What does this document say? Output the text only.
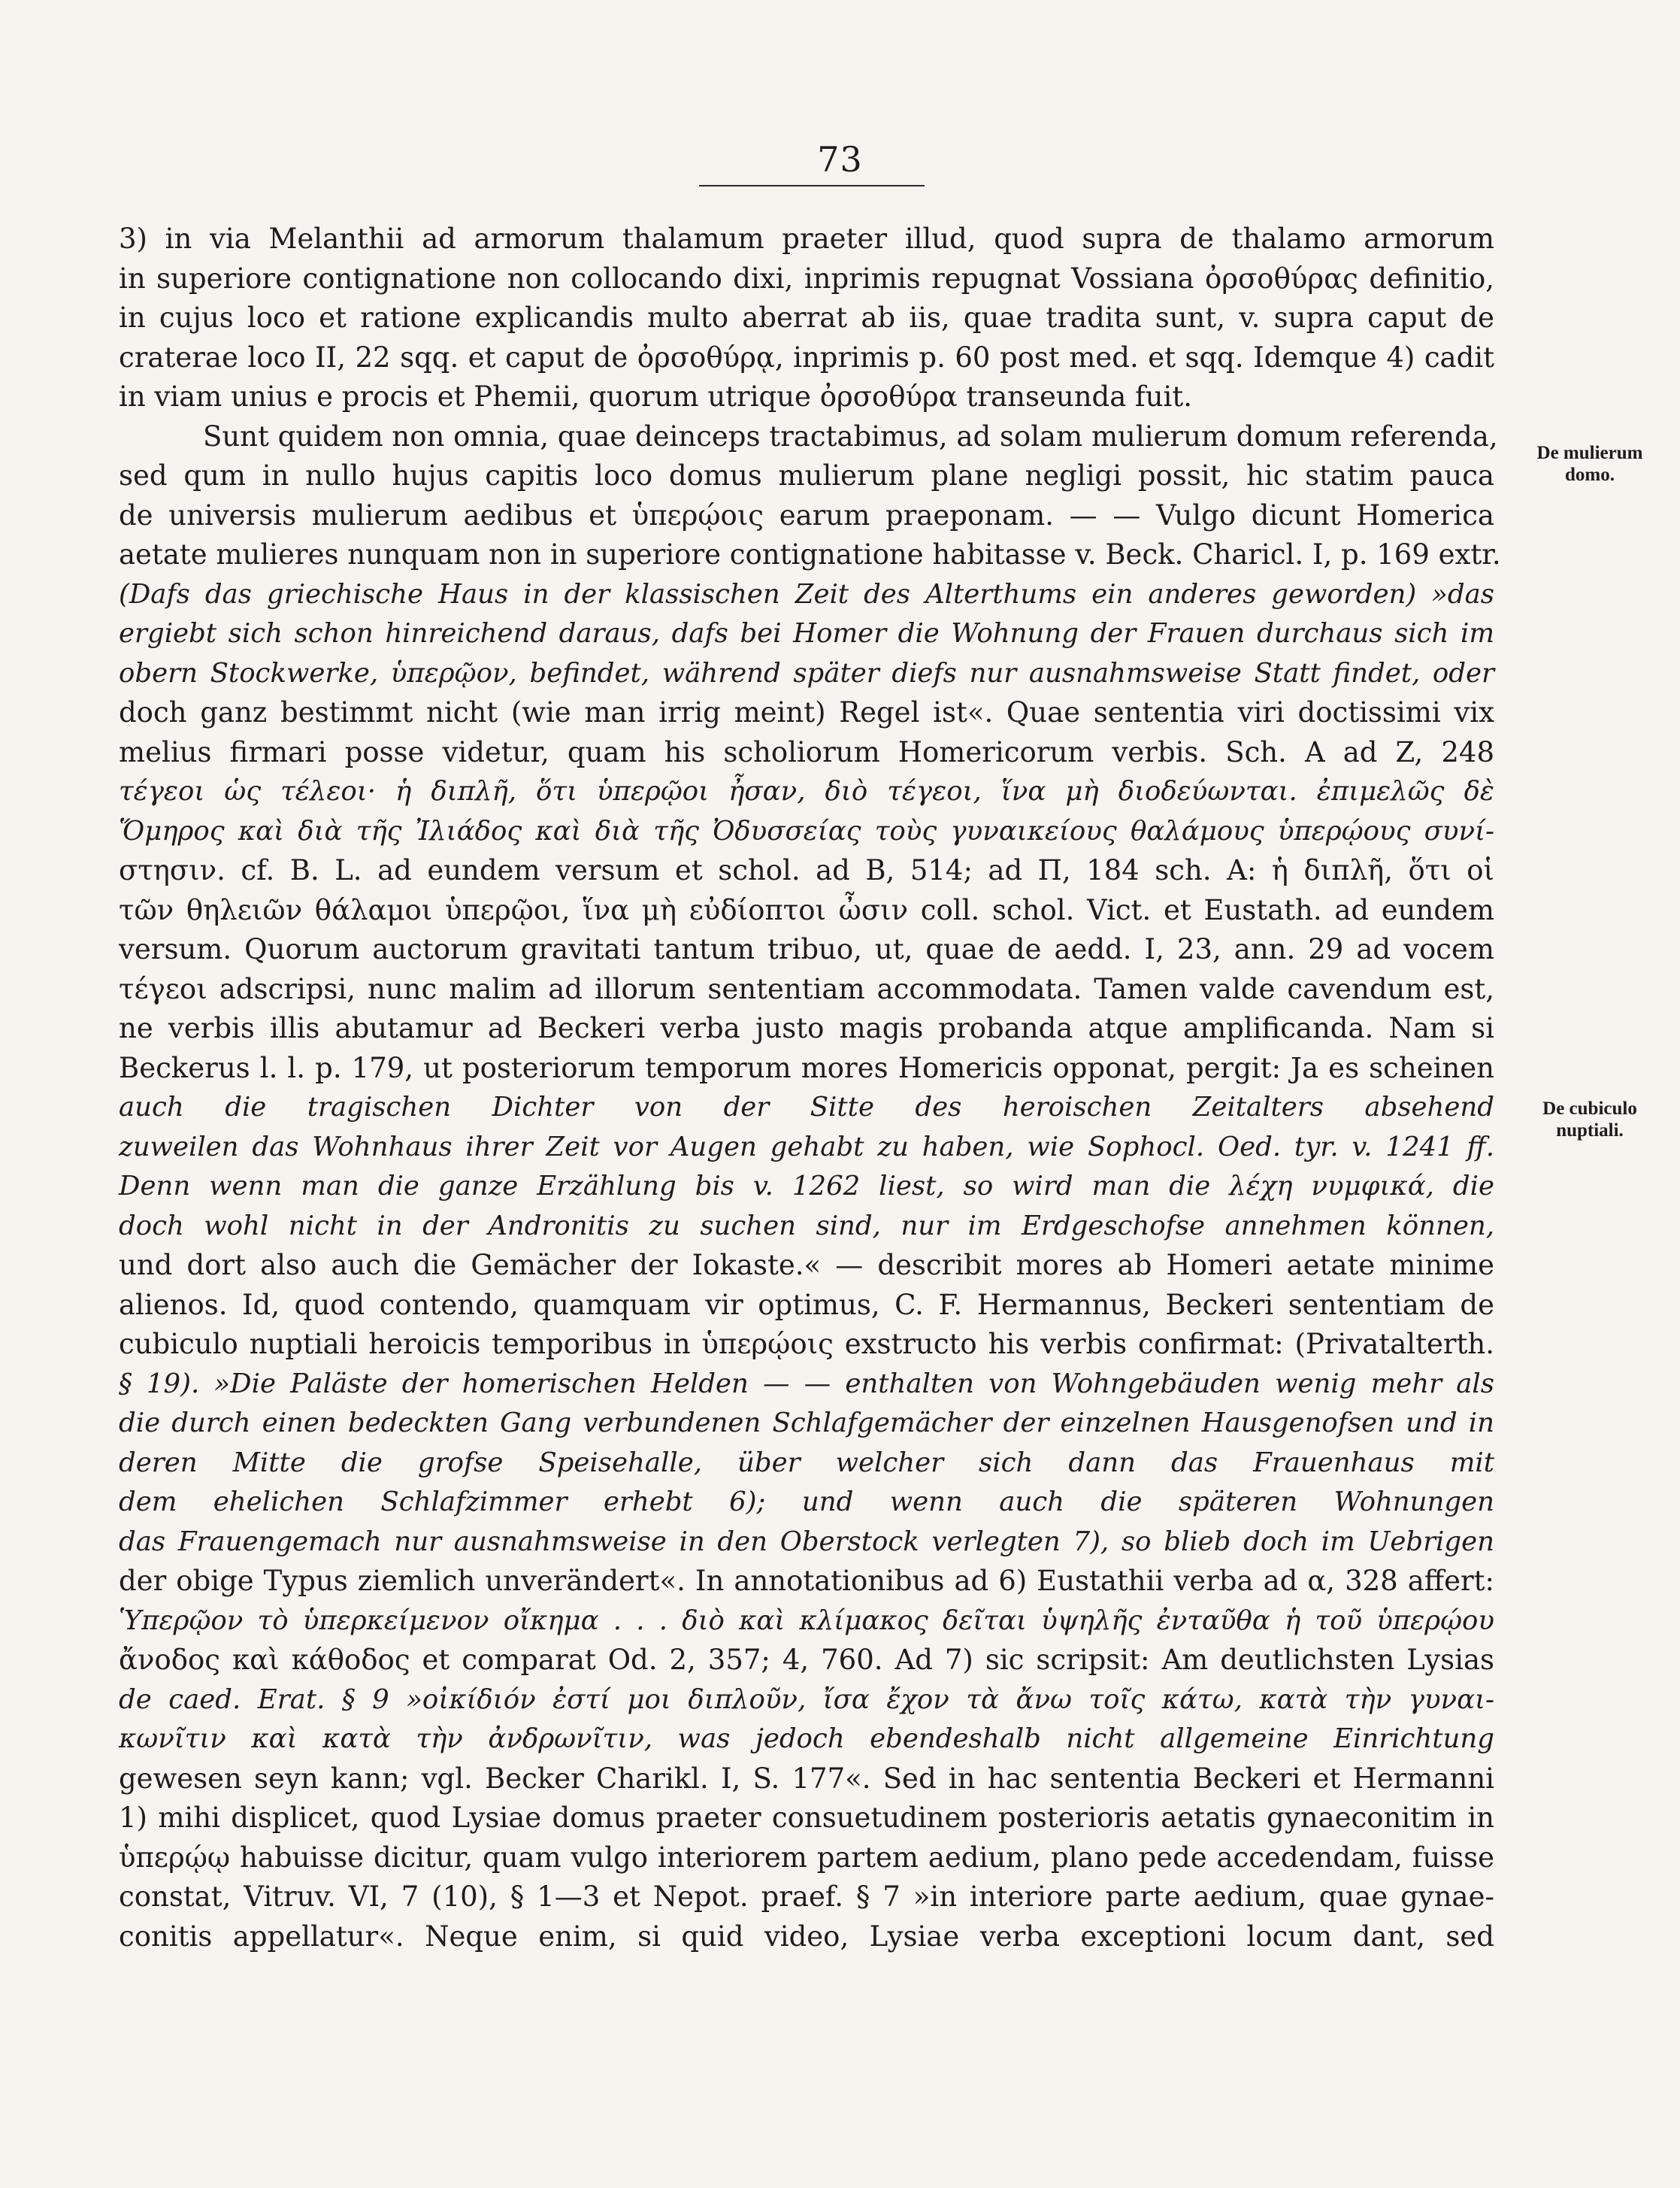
73
De mulierum
domo.
De cubiculo
nuptiali.
3) in via Melanthii ad armorum thalamum praeter illud, quod supra de thalamo armorum
in superiore contignatione non collocando dixi, inprimis repugnat Vossiana ὀρσοθύρας definitio,
in cujus loco et ratione explicandis multo aberrat ab iis, quae tradita sunt, v. supra caput de
craterae loco II, 22 sqq. et caput de ὀρσοθύρᾳ, inprimis p. 60 post med. et sqq. Idemque 4) cadit
in viam unius e procis et Phemii, quorum utrique ὀρσοθύρα transeunda fuit.
Sunt quidem non omnia, quae deinceps tractabimus, ad solam mulierum domum referenda,
sed qum in nullo hujus capitis loco domus mulierum plane negligi possit, hic statim pauca
de universis mulierum aedibus et ὑπερῴοις earum praeponam. — — Vulgo dicunt Homerica
aetate mulieres nunquam non in superiore contignatione habitasse v. Beck. Charicl. I, p. 169 extr.
(Dafs das griechische Haus in der klassischen Zeit des Alterthums ein anderes geworden) »das
ergiebt sich schon hinreichend daraus, dafs bei Homer die Wohnung der Frauen durchaus sich im
obern Stockwerke, ὑπερῷον, befindet, während später diefs nur ausnahmsweise Statt findet, oder
doch ganz bestimmt nicht (wie man irrig meint) Regel ist«. Quae sententia viri doctissimi vix
melius firmari posse videtur, quam his scholiorum Homericorum verbis. Sch. A ad Z, 248
τέγεοι ὡς τέλεοι· ἡ διπλῆ, ὅτι ὑπερῷοι ἦσαν, διὸ τέγεοι, ἵνα μὴ διοδεύωνται. ἐπιμελῶς δὲ
Ὅμηρος καὶ διὰ τῆς Ἰλιάδος καὶ διὰ τῆς Ὀδυσσείας τοὺς γυναικείους θαλάμους ὑπερῴους συνί-
στησιν. cf. B. L. ad eundem versum et schol. ad B, 514; ad Π, 184 sch. A: ἡ διπλῆ, ὅτι οἱ
τῶν θηλειῶν θάλαμοι ὑπερῷοι, ἵνα μὴ εὐδίοπτοι ὦσιν coll. schol. Vict. et Eustath. ad eundem
versum. Quorum auctorum gravitati tantum tribuo, ut, quae de aedd. I, 23, ann. 29 ad vocem
τέγεοι adscripsi, nunc malim ad illorum sententiam accommodata. Tamen valde cavendum est,
ne verbis illis abutamur ad Beckeri verba justo magis probanda atque amplificanda. Nam si
Beckerus l. l. p. 179, ut posteriorum temporum mores Homericis opponat, pergit: Ja es scheinen
auch die tragischen Dichter von der Sitte des heroischen Zeitalters absehend
zuweilen das Wohnhaus ihrer Zeit vor Augen gehabt zu haben, wie Sophocl. Oed. tyr. v. 1241 ff.
Denn wenn man die ganze Erzählung bis v. 1262 liest, so wird man die λέχη νυμφικά, die
doch wohl nicht in der Andronitis zu suchen sind, nur im Erdgeschofse annehmen können,
und dort also auch die Gemächer der Iokaste.« — describit mores ab Homeri aetate minime
alienos. Id, quod contendo, quamquam vir optimus, C. F. Hermannus, Beckeri sententiam de
cubiculo nuptiali heroicis temporibus in ὑπερῴοις exstructo his verbis confirmat: (Privatalterth.
§ 19). »Die Paläste der homerischen Helden — — enthalten von Wohngebäuden wenig mehr als
die durch einen bedeckten Gang verbundenen Schlafgemächer der einzelnen Hausgenofsen und in
deren Mitte die grofse Speisehalle, über welcher sich dann das Frauenhaus mit
dem ehelichen Schlafzimmer erhebt 6); und wenn auch die späteren Wohnungen
das Frauengemach nur ausnahmsweise in den Oberstock verlegten 7), so blieb doch im Uebrigen
der obige Typus ziemlich unverändert«. In annotationibus ad 6) Eustathii verba ad α, 328 affert:
Ὑπερῷον τὸ ὑπερκείμενον οἴκημα . . . διὸ καὶ κλίμακος δεῖται ὑψηλῆς ἐνταῦθα ἡ τοῦ ὑπερῴου
ἄνοδος καὶ κάθοδος et comparat Od. 2, 357; 4, 760. Ad 7) sic scripsit: Am deutlichsten Lysias
de caed. Erat. § 9 »οἰκίδιόν ἐστί μοι διπλοῦν, ἴσα ἔχον τὰ ἄνω τοῖς κάτω, κατὰ τὴν γυναι-
κωνῖτιν καὶ κατὰ τὴν ἀνδρωνῖτιν, was jedoch ebendeshalb nicht allgemeine Einrichtung
gewesen seyn kann; vgl. Becker Charikl. I, S. 177«. Sed in hac sententia Beckeri et Hermanni
1) mihi displicet, quod Lysiae domus praeter consuetudinem posterioris aetatis gynaeconitim in
ὑπερῴῳ habuisse dicitur, quam vulgo interiorem partem aedium, plano pede accedendam, fuisse
constat, Vitruv. VI, 7 (10), § 1—3 et Nepot. praef. § 7 »in interiore parte aedium, quae gynae-
conitis appellatur«. Neque enim, si quid video, Lysiae verba exceptioni locum dant, sed
